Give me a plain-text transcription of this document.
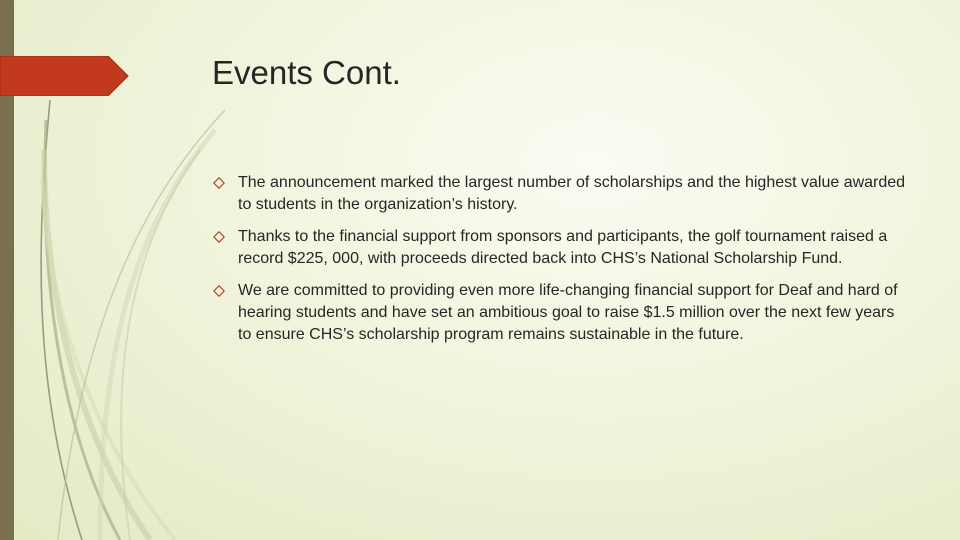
Events Cont.
The announcement marked the largest number of scholarships and the highest value awarded to students in the organization’s history.
Thanks to the financial support from sponsors and participants, the golf tournament raised a record $225, 000, with proceeds directed back into CHS’s National Scholarship Fund.
We are committed to providing even more life-changing financial support for Deaf and hard of hearing students and have set an ambitious goal to raise $1.5 million over the next few years to ensure CHS’s scholarship program remains sustainable in the future.
